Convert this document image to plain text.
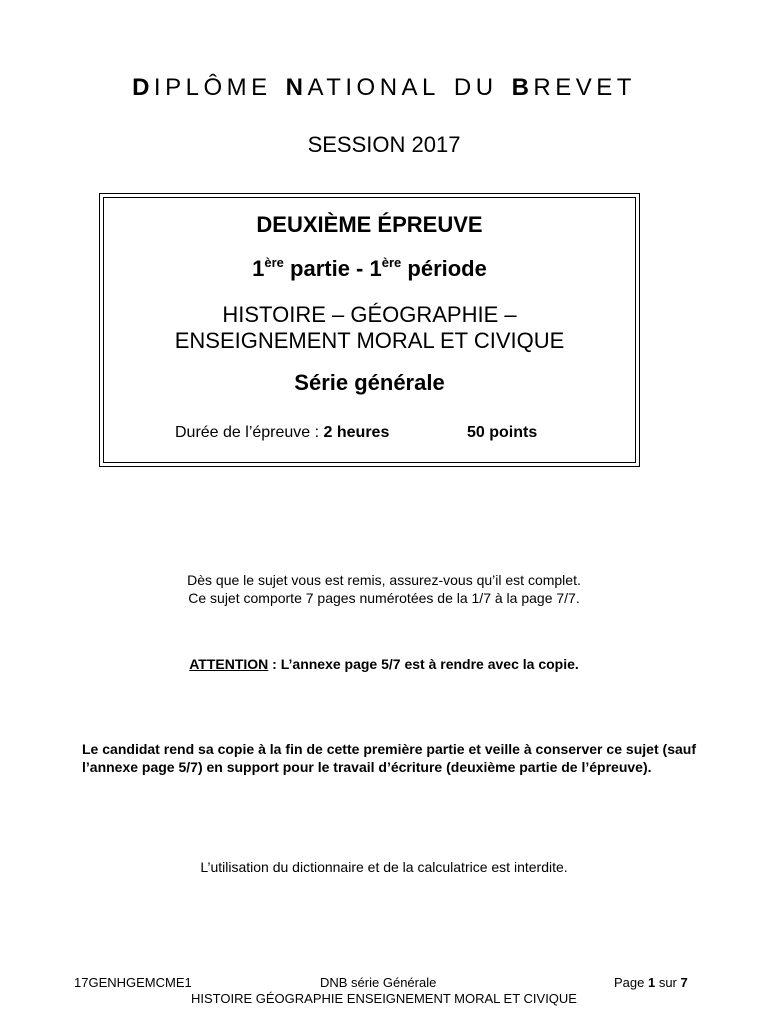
DIPLÔME NATIONAL DU BREVET
SESSION 2017
DEUXIÈME ÉPREUVE
1ère partie - 1ère période
HISTOIRE – GÉOGRAPHIE –
ENSEIGNEMENT MORAL ET CIVIQUE
Série générale
Durée de l’épreuve : 2 heures	50 points
Dès que le sujet vous est remis, assurez-vous qu’il est complet.
Ce sujet comporte 7 pages numérotées de la 1/7 à la page 7/7.
ATTENTION : L’annexe page 5/7 est à rendre avec la copie.
Le candidat rend sa copie à la fin de cette première partie et veille à conserver ce sujet (sauf l’annexe page 5/7) en support pour le travail d’écriture (deuxième partie de l’épreuve).
L’utilisation du dictionnaire et de la calculatrice est interdite.
17GENHGEMCME1	DNB série Générale	Page 1 sur 7
HISTOIRE GÉOGRAPHIE ENSEIGNEMENT MORAL ET CIVIQUE
